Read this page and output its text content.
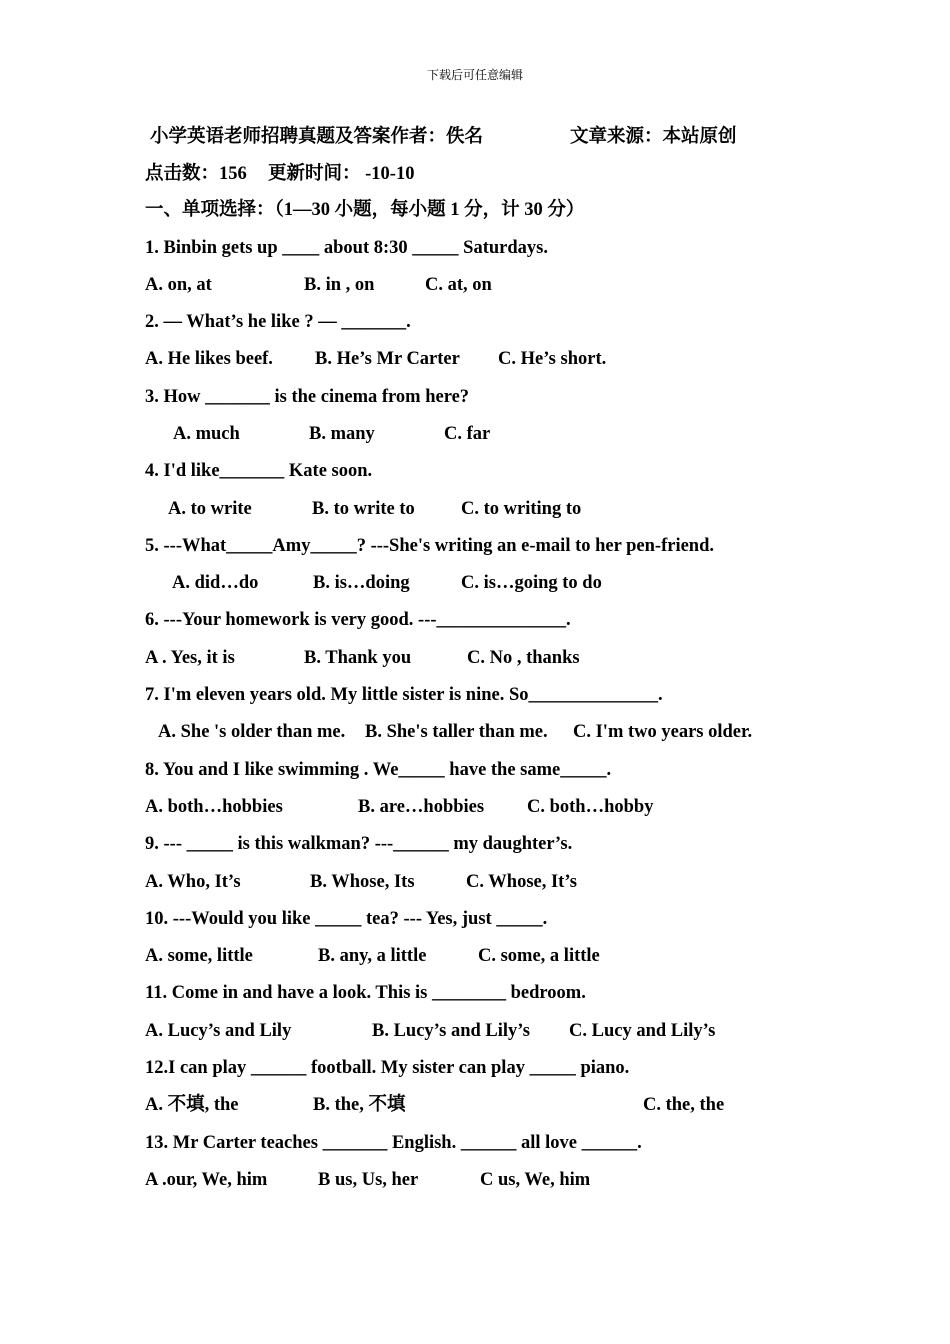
下载后可任意编辑
小学英语老师招聘真题及答案作者：佚名	文章来源：本站原创
点击数：156 更新时间： -10-10
一、单项选择：（1—30 小题，每小题 1 分，计 30 分）
1. Binbin gets up ____ about 8:30 _____ Saturdays.
A. on, at	B. in , on	C. at, on
2. — What’s he like ? — _______.
A. He likes beef. B. He’s Mr Carter C. He’s short.
3. How _______ is the cinema from here?
A. much	B. many	C. far
4. I'd like_______ Kate soon.
A. to write	B. to write to	C. to writing to
5. ---What_____Amy_____? ---She's writing an e-mail to her pen-friend.
A. did…do	B. is…doing	C. is…going to do
6. ---Your homework is very good. ---______________.
A . Yes, it is	B. Thank you	C. No , thanks
7. I'm eleven years old. My little sister is nine. So______________.
A. She 's older than me. B. She's taller than me. C. I'm two years older.
8. You and I like swimming . We_____ have the same_____.
A. both…hobbies	B. are…hobbies C. both…hobby
9. --- _____ is this walkman? ---______ my daughter’s.
A. Who, It’s	B. Whose, Its	C. Whose, It’s
10. ---Would you like _____ tea? --- Yes, just _____.
A. some, little	B. any, a little	C. some, a little
11. Come in and have a look. This is ________ bedroom.
A. Lucy’s and Lily	B. Lucy’s and Lily’s C. Lucy and Lily’s
12.I can play ______ football. My sister can play _____ piano.
A. 不填, the	B. the, 不填	C. the, the
13. Mr Carter teaches _______ English. ______ all love ______.
A .our, We, him	B us, Us, her	C us, We, him
